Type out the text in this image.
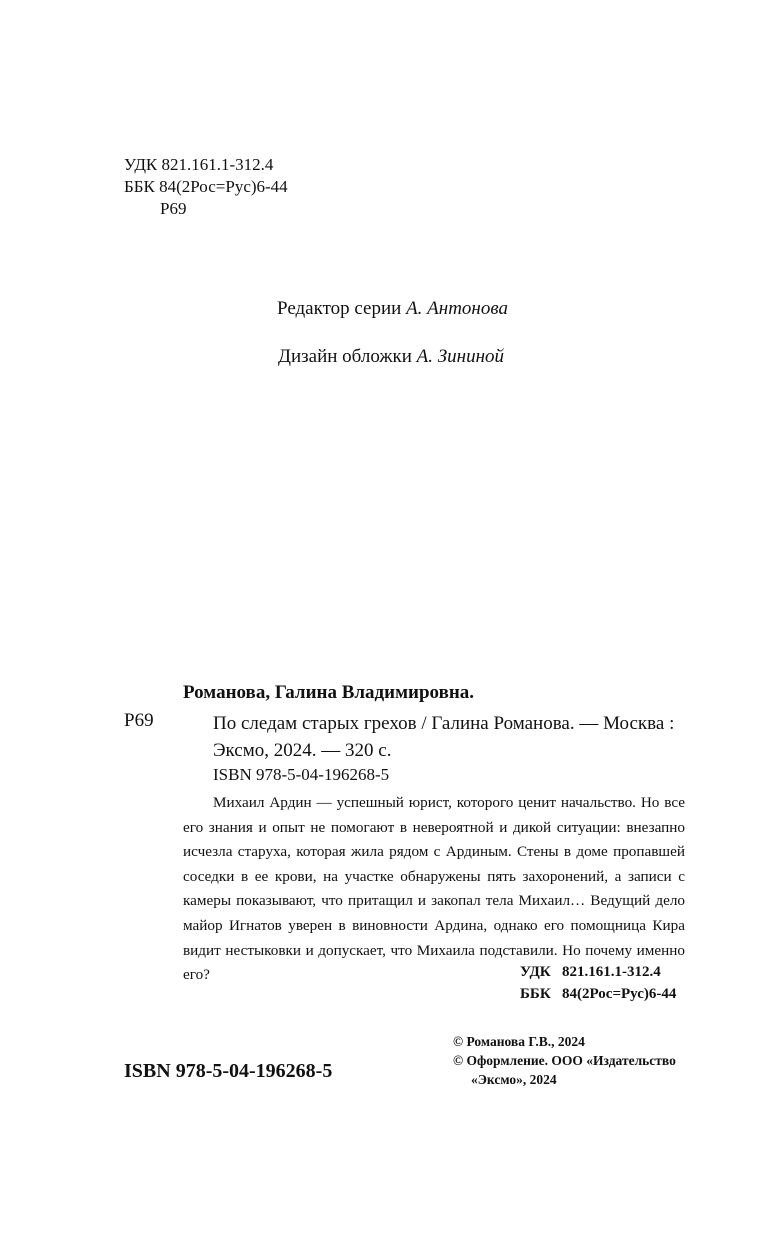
УДК 821.161.1-312.4
ББК 84(2Рос=Рус)6-44
Р69
Редактор серии А. Антонова
Дизайн обложки А. Зининой
Романова, Галина Владимировна.
Р69	По следам старых грехов / Галина Романова. — Москва : Эксмо, 2024. — 320 с.
ISBN 978-5-04-196268-5

Михаил Ардин — успешный юрист, которого ценит начальство. Но все его знания и опыт не помогают в невероятной и дикой ситуации: внезапно исчезла старуха, которая жила рядом с Ардиным. Стены в доме пропавшей соседки в ее крови, на участке обнаружены пять захоронений, а записи с камеры показывают, что притащил и закопал тела Михаил… Ведущий дело майор Игнатов уверен в виновности Ардина, однако его помощница Кира видит нестыковки и допускает, что Михаила подставили. Но почему именно его?	УДК 821.161.1-312.4
ББК 84(2Рос=Рус)6-44
ISBN 978-5-04-196268-5
© Романова Г.В., 2024
© Оформление. ООО «Издательство
«Эксмо», 2024
